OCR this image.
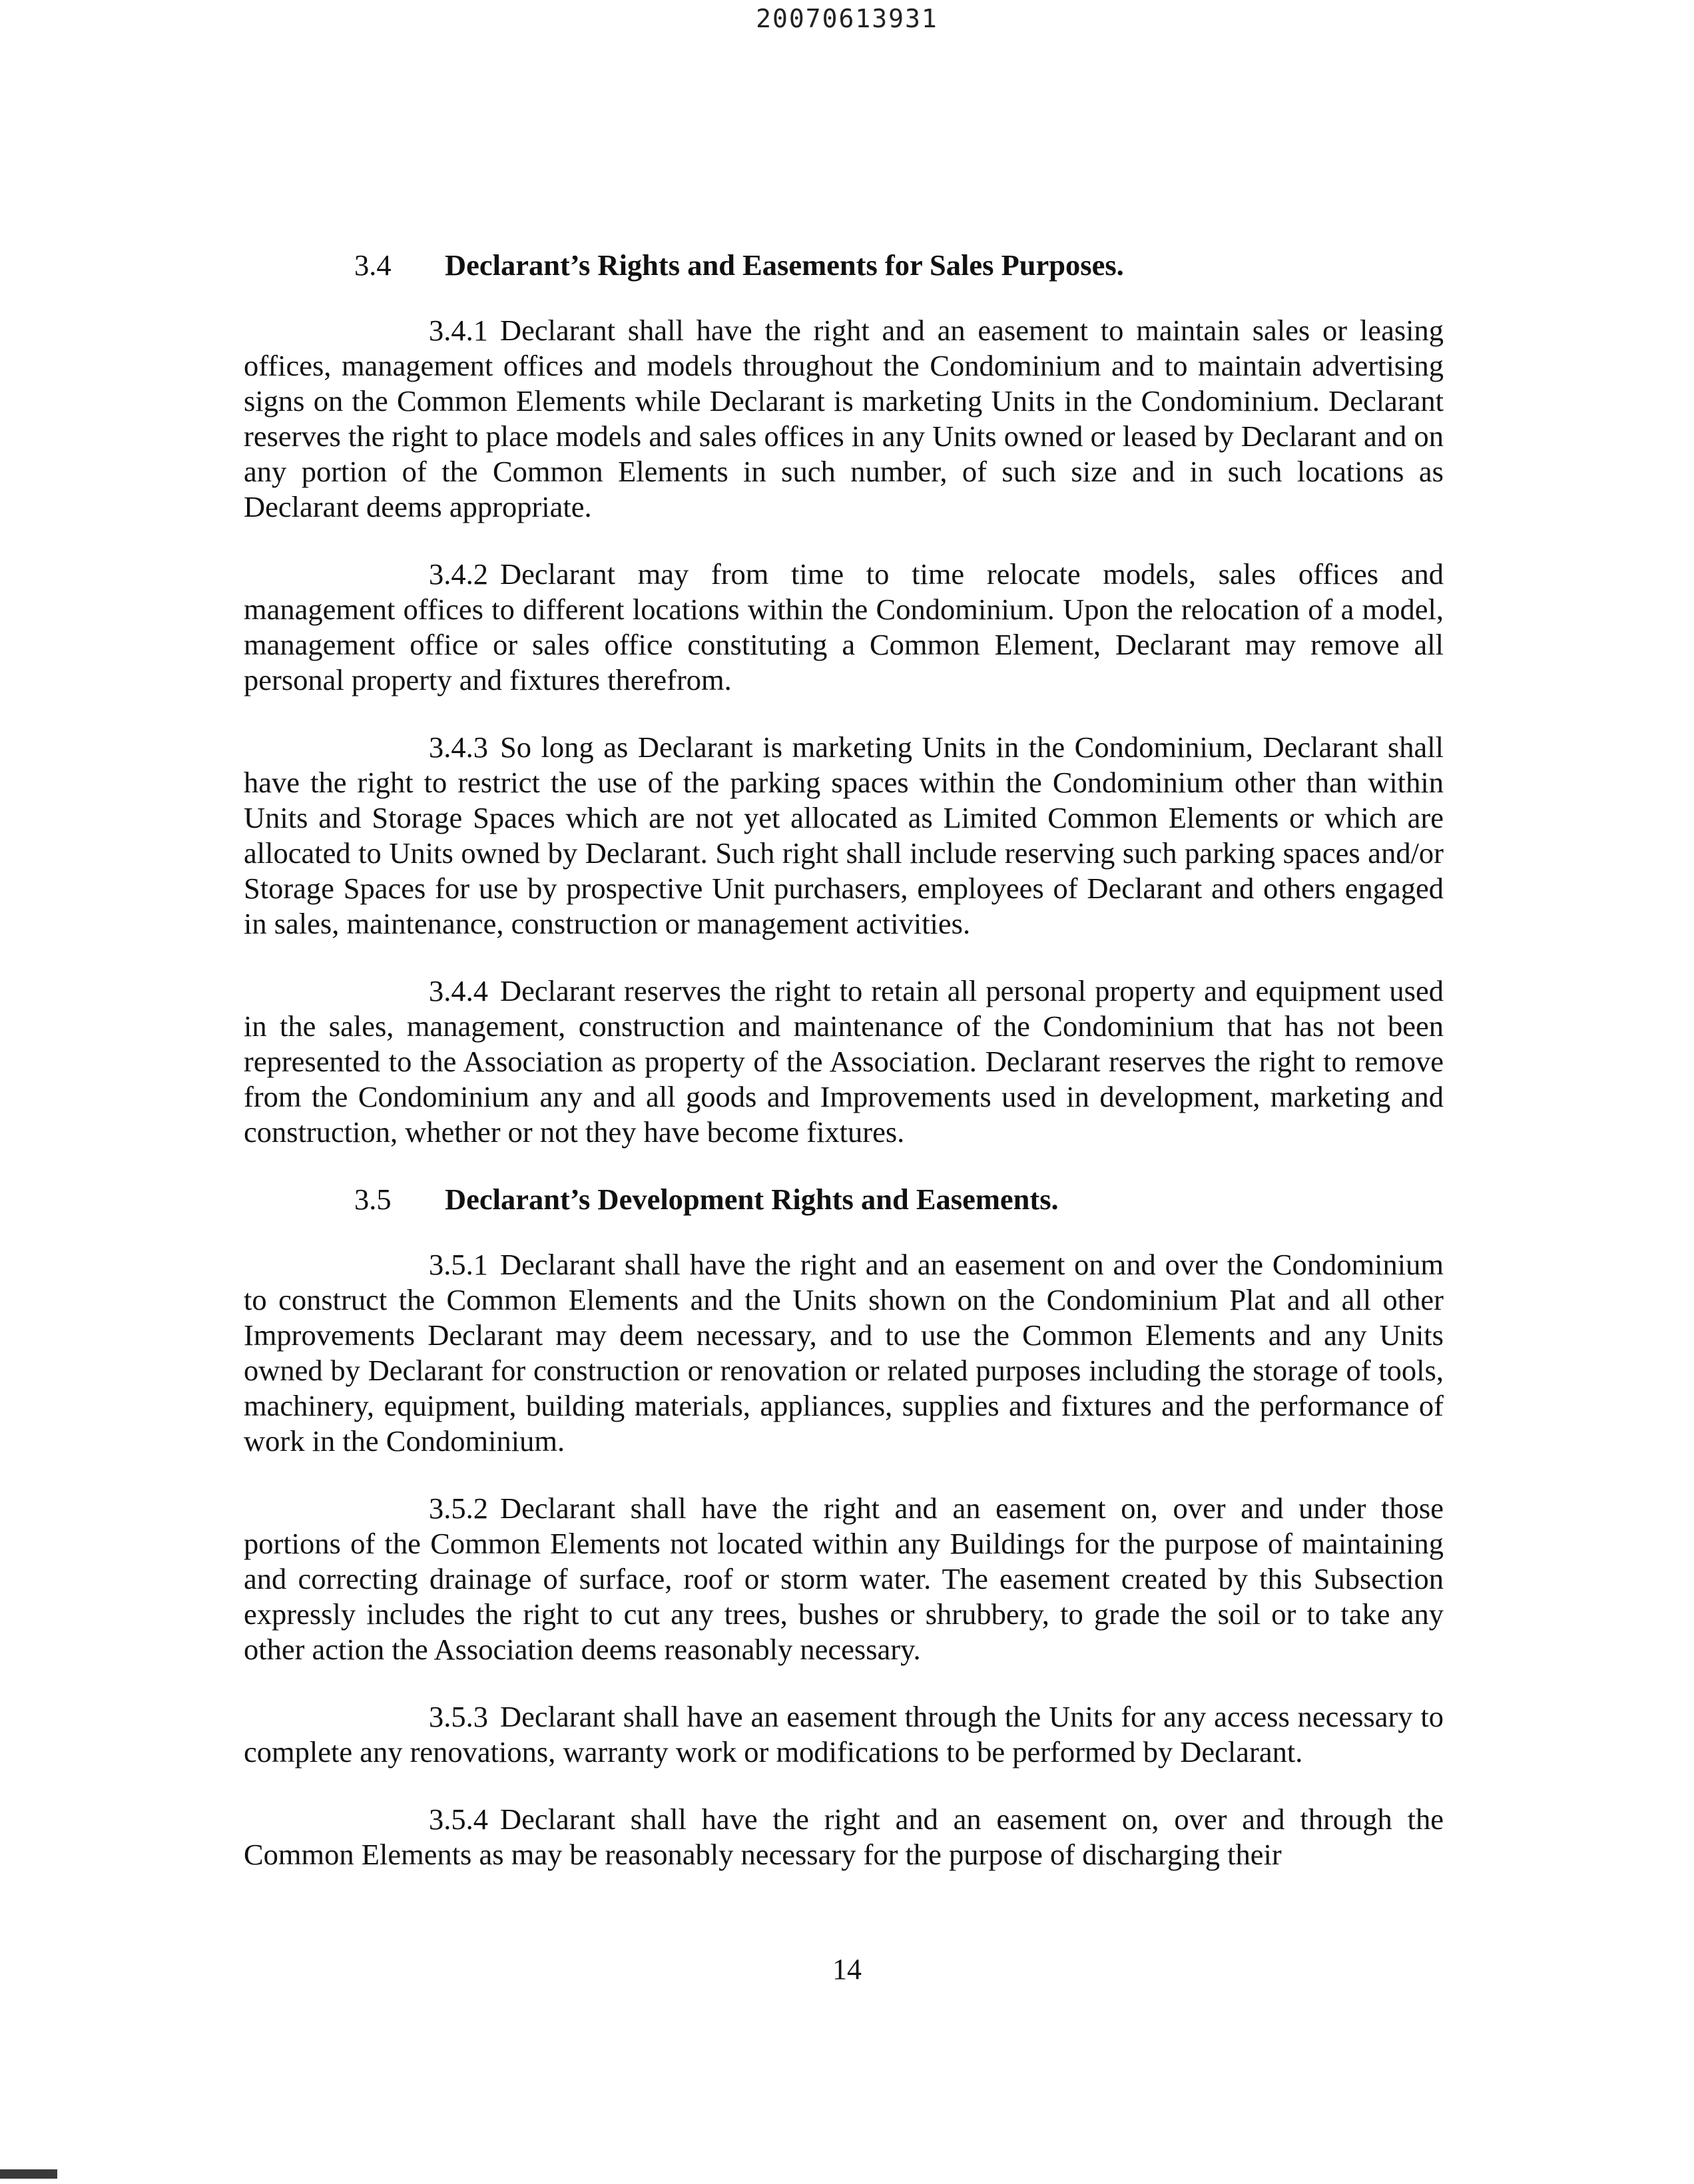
20070613931
3.4 Declarant’s Rights and Easements for Sales Purposes.

3.4.1 Declarant shall have the right and an easement to maintain sales or leasing offices, management offices and models throughout the Condominium and to maintain advertising signs on the Common Elements while Declarant is marketing Units in the Condominium. Declarant reserves the right to place models and sales offices in any Units owned or leased by Declarant and on any portion of the Common Elements in such number, of such size and in such locations as Declarant deems appropriate.

3.4.2 Declarant may from time to time relocate models, sales offices and management offices to different locations within the Condominium. Upon the relocation of a model, management office or sales office constituting a Common Element, Declarant may remove all personal property and fixtures therefrom.

3.4.3 So long as Declarant is marketing Units in the Condominium, Declarant shall have the right to restrict the use of the parking spaces within the Condominium other than within Units and Storage Spaces which are not yet allocated as Limited Common Elements or which are allocated to Units owned by Declarant. Such right shall include reserving such parking spaces and/or Storage Spaces for use by prospective Unit purchasers, employees of Declarant and others engaged in sales, maintenance, construction or management activities.

3.4.4 Declarant reserves the right to retain all personal property and equipment used in the sales, management, construction and maintenance of the Condominium that has not been represented to the Association as property of the Association. Declarant reserves the right to remove from the Condominium any and all goods and Improvements used in development, marketing and construction, whether or not they have become fixtures.

3.5 Declarant’s Development Rights and Easements.

3.5.1 Declarant shall have the right and an easement on and over the Condominium to construct the Common Elements and the Units shown on the Condominium Plat and all other Improvements Declarant may deem necessary, and to use the Common Elements and any Units owned by Declarant for construction or renovation or related purposes including the storage of tools, machinery, equipment, building materials, appliances, supplies and fixtures and the performance of work in the Condominium.

3.5.2 Declarant shall have the right and an easement on, over and under those portions of the Common Elements not located within any Buildings for the purpose of maintaining and correcting drainage of surface, roof or storm water. The easement created by this Subsection expressly includes the right to cut any trees, bushes or shrubbery, to grade the soil or to take any other action the Association deems reasonably necessary.

3.5.3 Declarant shall have an easement through the Units for any access necessary to complete any renovations, warranty work or modifications to be performed by Declarant.

3.5.4 Declarant shall have the right and an easement on, over and through the Common Elements as may be reasonably necessary for the purpose of discharging their

14
